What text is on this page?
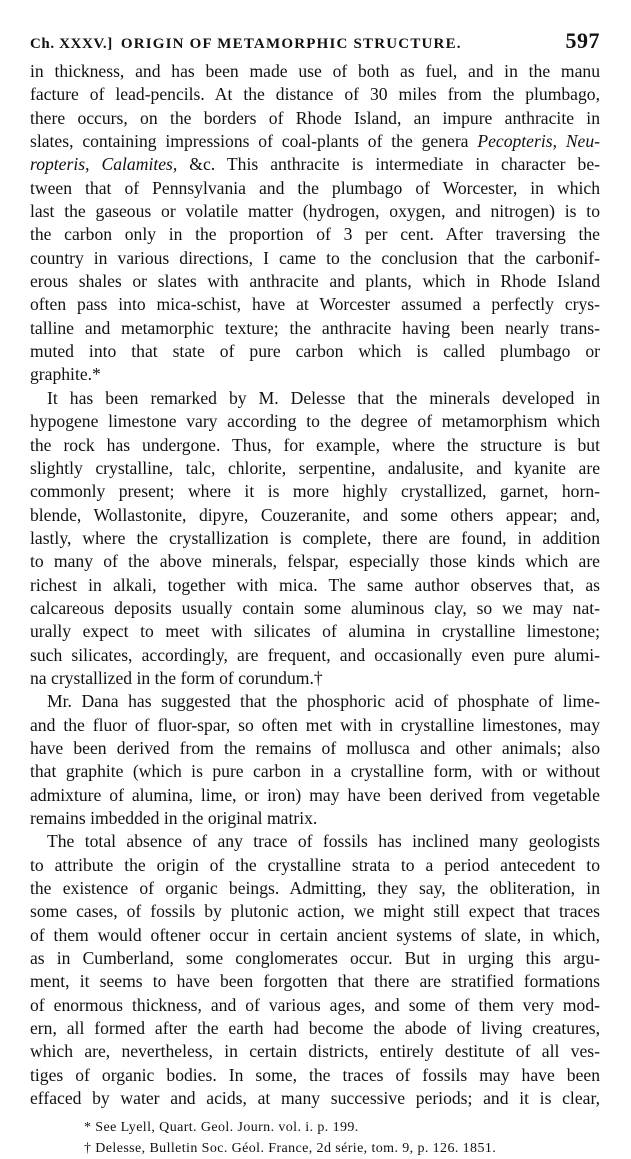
Ch. XXXV.] ORIGIN OF METAMORPHIC STRUCTURE.	597
in thickness, and has been made use of both as fuel, and in the manu
facture of lead-pencils. At the distance of 30 miles from the plumbago,
there occurs, on the borders of Rhode Island, an impure anthracite in
slates, containing impressions of coal-plants of the genera Pecopteris, Neu-
ropteris, Calamites, &c. This anthracite is intermediate in character be-
tween that of Pennsylvania and the plumbago of Worcester, in which
last the gaseous or volatile matter (hydrogen, oxygen, and nitrogen) is to
the carbon only in the proportion of 3 per cent. After traversing the
country in various directions, I came to the conclusion that the carbonif-
erous shales or slates with anthracite and plants, which in Rhode Island
often pass into mica-schist, have at Worcester assumed a perfectly crys-
talline and metamorphic texture; the anthracite having been nearly trans-
muted into that state of pure carbon which is called plumbago or
graphite.*
It has been remarked by M. Delesse that the minerals developed in
hypogene limestone vary according to the degree of metamorphism which
the rock has undergone. Thus, for example, where the structure is but
slightly crystalline, talc, chlorite, serpentine, andalusite, and kyanite are
commonly present; where it is more highly crystallized, garnet, horn-
blende, Wollastonite, dipyre, Couzeranite, and some others appear; and,
lastly, where the crystallization is complete, there are found, in addition
to many of the above minerals, felspar, especially those kinds which are
richest in alkali, together with mica. The same author observes that, as
calcareous deposits usually contain some aluminous clay, so we may nat-
urally expect to meet with silicates of alumina in crystalline limestone;
such silicates, accordingly, are frequent, and occasionally even pure alumi-
na crystallized in the form of corundum.†
Mr. Dana has suggested that the phosphoric acid of phosphate of lime-
and the fluor of fluor-spar, so often met with in crystalline limestones, may
have been derived from the remains of mollusca and other animals; also
that graphite (which is pure carbon in a crystalline form, with or without
admixture of alumina, lime, or iron) may have been derived from vegetable
remains imbedded in the original matrix.
The total absence of any trace of fossils has inclined many geologists
to attribute the origin of the crystalline strata to a period antecedent to
the existence of organic beings. Admitting, they say, the obliteration, in
some cases, of fossils by plutonic action, we might still expect that traces
of them would oftener occur in certain ancient systems of slate, in which,
as in Cumberland, some conglomerates occur. But in urging this argu-
ment, it seems to have been forgotten that there are stratified formations
of enormous thickness, and of various ages, and some of them very mod-
ern, all formed after the earth had become the abode of living creatures,
which are, nevertheless, in certain districts, entirely destitute of all ves-
tiges of organic bodies. In some, the traces of fossils may have been
effaced by water and acids, at many successive periods; and it is clear,
* See Lyell, Quart. Geol. Journ. vol. i. p. 199.
† Delesse, Bulletin Soc. Géol. France, 2d série, tom. 9, p. 126. 1851.
